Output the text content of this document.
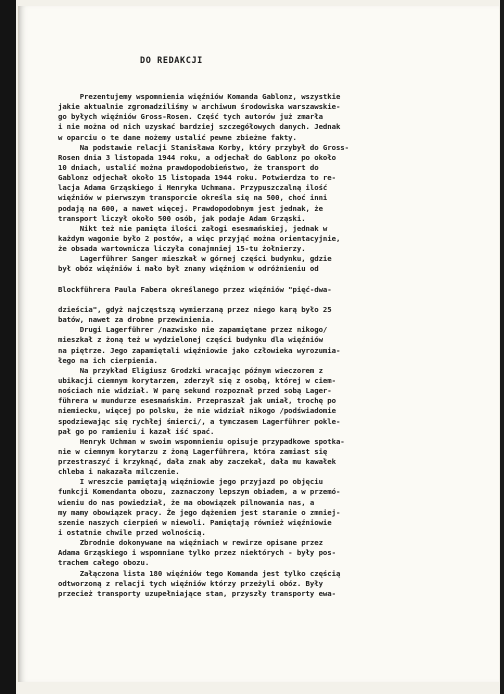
DO REDAKCJI
Prezentujemy wspomnienia więźniów Komanda Gablonz, wszystkie
jakie aktualnie zgromadziliśmy w archiwum środowiska warszawskie-
go byłych więźniów Gross-Rosen. Część tych autorów już zmarła
i nie można od nich uzyskać bardziej szczegółowych danych. Jednak
w oparciu o te dane możemy ustalić pewne zbieżne fakty.
Na podstawie relacji Stanisława Korby, który przybył do Gross-
Rosen dnia 3 listopada 1944 roku, a odjechał do Gablonz po około
10 dniach, ustalić można prawdopodobieństwo, że transport do
Gablonz odjechał około 15 listopada 1944 roku. Potwierdza to re-
lacja Adama Grząskiego i Henryka Uchmana. Przypuszczalną ilość
więźniów w pierwszym transporcie określa się na 500, choć inni
podają na 600, a nawet więcej. Prawdopodobnym jest jednak, że
transport liczył około 500 osób, jak podaje Adam Grząski.
Nikt też nie pamięta ilości załogi esesmańskiej, jednak w
każdym wagonie było 2 postów, a więc przyjąć można orientacyjnie,
że obsada wartownicza liczyła conajmniej 15-tu żołnierzy.
Lagerführer Sanger mieszkał w górnej części budynku, gdzie
był obóz więźniów i mało był znany więźniom w odróżnieniu od
Blockführera Paula Fabera określanego przez więźniów "pięć-dwa-
dzieścia", gdyż najczęstszą wymierzaną przez niego karą było 25
batów, nawet za drobne przewinienia.
Drugi Lagerführer /nazwisko nie zapamiętane przez nikogo/
mieszkał z żoną też w wydzielonej części budynku dla więźniów
na piętrze. Jego zapamiętali więźniowie jako człowieka wyrozumia-
łego na ich cierpienia.
Na przykład Eligiusz Grodzki wracając późnym wieczorem z
ubikacji ciemnym korytarzem, zderzył się z osobą, której w ciem-
nościach nie widział. W parę sekund rozpoznał przed sobą Lager-
führera w mundurze esesmańskim. Przepraszał jak umiał, trochę po
niemiecku, więcej po polsku, że nie widział nikogo /podświadomie
spodziewając się rychłej śmierci/, a tymczasem Lagerführer pokle-
pał go po ramieniu i kazał iść spać.
Henryk Uchman w swoim wspomnieniu opisuje przypadkowe spotka-
nie w ciemnym korytarzu z żoną Lagerführera, która zamiast się
przestraszyć i krzyknąć, dała znak aby zaczekał, dała mu kawałek
chleba i nakazała milczenie.
I wreszcie pamiętają więźniowie jego przyjazd po objęciu
funkcji Komendanta obozu, zaznaczony lepszym obiadem, a w przemó-
wieniu do nas powiedział, że ma obowiązek pilnowania nas, a
my mamy obowiązek pracy. Że jego dążeniem jest staranie o zmniej-
szenie naszych cierpień w niewoli. Pamiętają również więźniowie
i ostatnie chwile przed wolnością.
Zbrodnie dokonywane na więźniach w rewirze opisane przez
Adama Grząskiego i wspomniane tylko przez niektórych - były pos-
trachem całego obozu.
Załączona lista 180 więźniów tego Komanda jest tylko częścią
odtworzoną z relacji tych więźniów którzy przeżyli obóz. Były
przecież transporty uzupełniające stan, przyszły transporty ewa-
